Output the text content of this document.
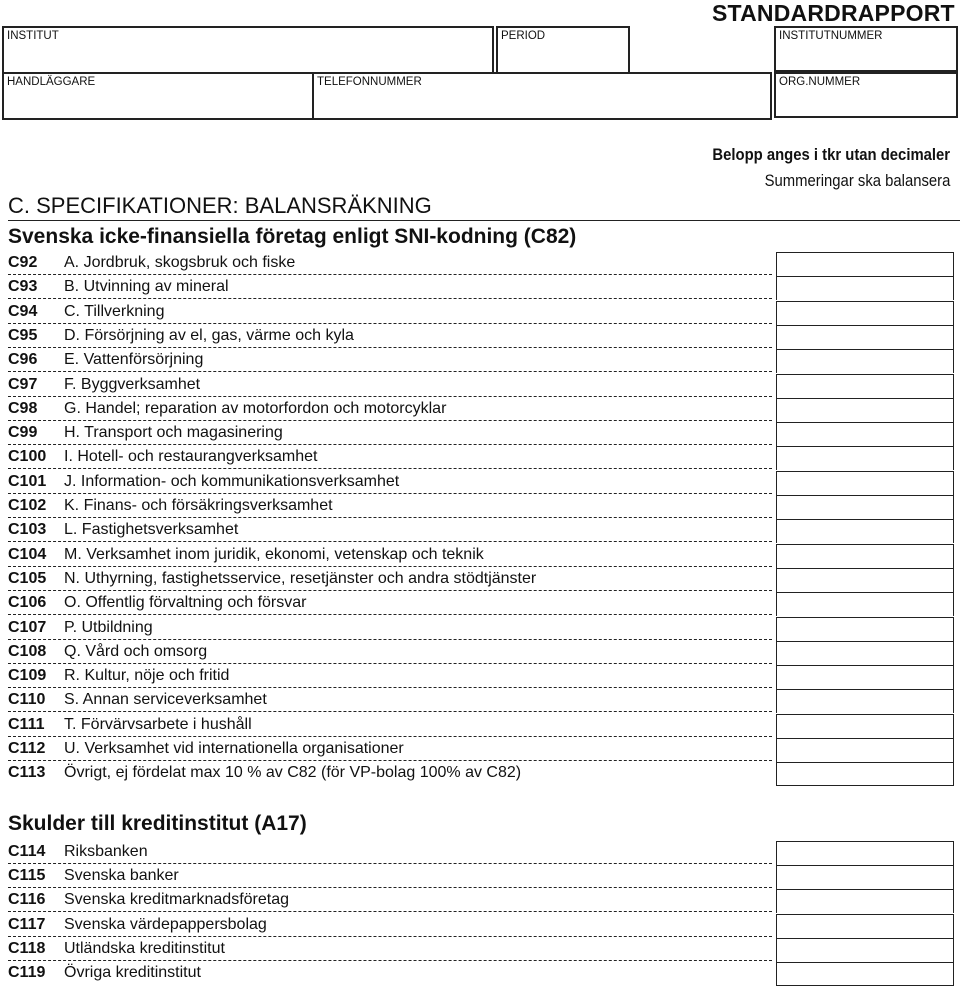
STANDARDRAPPORT
INSTITUT	PERIOD	INSTITUTNUMMER
HANDLÄGGARE	TELEFONNUMMER	ORG.NUMMER
Belopp anges i tkr utan decimaler
Summeringar ska balansera
C. SPECIFIKATIONER: BALANSRÄKNING
Svenska icke-finansiella företag enligt SNI-kodning (C82)
C92 A. Jordbruk, skogsbruk och fiske
C93 B. Utvinning av mineral
C94 C. Tillverkning
C95 D. Försörjning av el, gas, värme och kyla
C96 E. Vattenförsörjning
C97 F. Byggverksamhet
C98 G. Handel; reparation av motorfordon och motorcyklar
C99 H. Transport och magasinering
C100 I. Hotell- och restaurangverksamhet
C101 J. Information- och kommunikationsverksamhet
C102 K. Finans- och försäkringsverksamhet
C103 L. Fastighetsverksamhet
C104 M. Verksamhet inom juridik, ekonomi, vetenskap och teknik
C105 N. Uthyrning, fastighetsservice, resetjänster och andra stödtjänster
C106 O. Offentlig förvaltning och försvar
C107 P. Utbildning
C108 Q. Vård och omsorg
C109 R. Kultur, nöje och fritid
C110 S. Annan serviceverksamhet
C111 T. Förvärvsarbete i hushåll
C112 U. Verksamhet vid internationella organisationer
C113 Övrigt, ej fördelat max 10 % av C82 (för VP-bolag 100% av C82)
Skulder till kreditinstitut (A17)
C114 Riksbanken
C115 Svenska banker
C116 Svenska kreditmarknadsföretag
C117 Svenska värdepappersbolag
C118 Utländska kreditinstitut
C119 Övriga kreditinstitut
